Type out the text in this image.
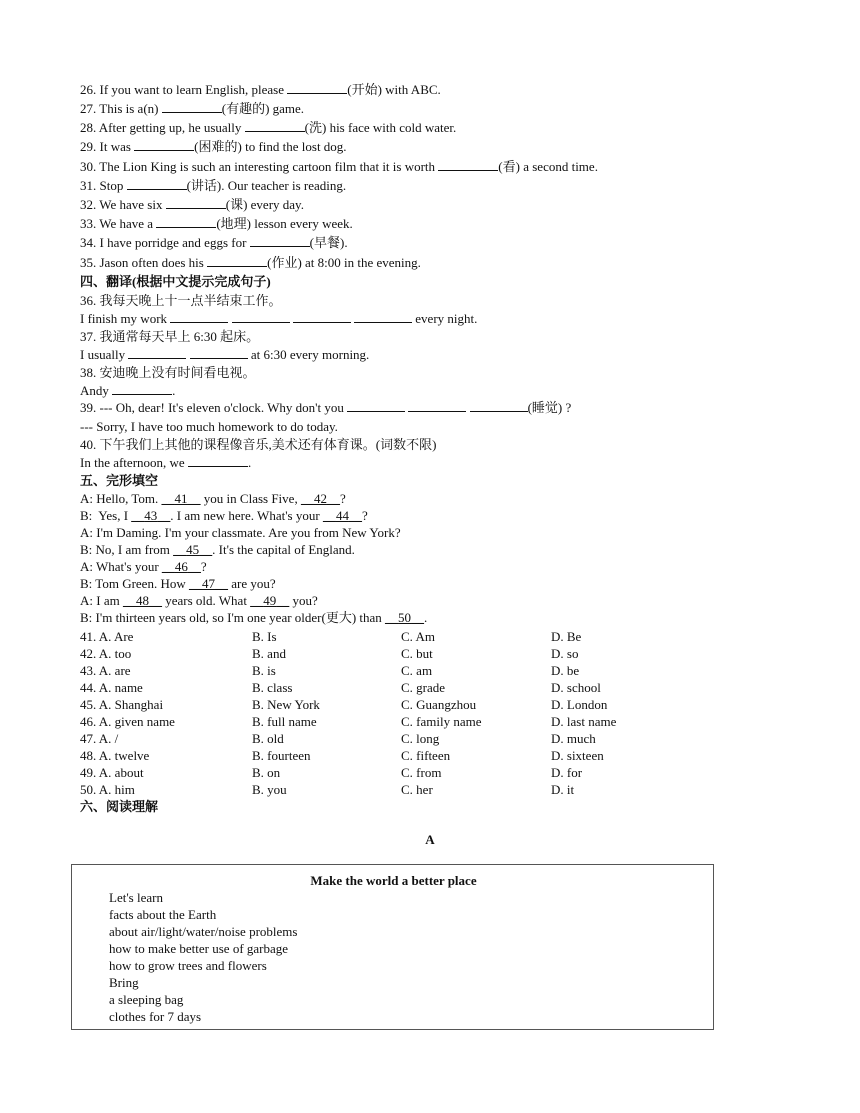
26. If you want to learn English, please	(开始) with ABC.
27. This is a(n)	(有趣的) game.
28. After getting up, he usually	(洗) his face with cold water.
29. It was	(困难的) to find the lost dog.
30. The Lion King is such an interesting cartoon film that it is worth	(看) a second time.
31. Stop	(讲话). Our teacher is reading.
32. We have six	(课) every day.
33. We have a	(地理) lesson every week.
34. I have porridge and eggs for	(早餐).
35. Jason often does his	(作业) at 8:00 in the evening.
四、翻译(根据中文提示完成句子)
36. 我每天晚上十一点半结束工作。
I finish my work	every night.
37. 我通常每天早上 6:30 起床。
I usually	at 6:30 every morning.
38. 安迪晚上没有时间看电视。
Andy	.
39. --- Oh, dear! It's eleven o'clock. Why don't you	(睡觉) ?
--- Sorry, I have too much homework to do today.
40. 下午我们上其他的课程像音乐,美术还有体育课。(词数不限)
In the afternoon, we	.
五、完形填空
A: Hello, Tom. __41__ you in Class Five, __42__?
B:  Yes, I __43__. I am new here. What's your __44__?
A: I'm Daming. I'm your classmate. Are you from New York?
B: No, I am from __45__. It's the capital of England.
A: What's your __46__?
B: Tom Green. How __47__ are you?
A: I am __48__ years old. What __49__ you?
B: I'm thirteen years old, so I'm one year older(更大) than __50__.
41. A. Are	B. Is	C. Am	D. Be
42. A. too	B. and	C. but	D. so
43. A. are	B. is	C. am	D. be
44. A. name	B. class	C. grade	D. school
45. A. Shanghai	B. New York	C. Guangzhou	D. London
46. A. given name	B. full name	C. family name	D. last name
47. A. /	B. old	C. long	D. much
48. A. twelve	B. fourteen	C. fifteen	D. sixteen
49. A. about	B. on	C. from	D. for
50. A. him	B. you	C. her	D. it
六、阅读理解
A
Make the world a better place
Let's learn
facts about the Earth
about air/light/water/noise problems
how to make better use of garbage
how to grow trees and flowers
Bring
a sleeping bag
clothes for 7 days
